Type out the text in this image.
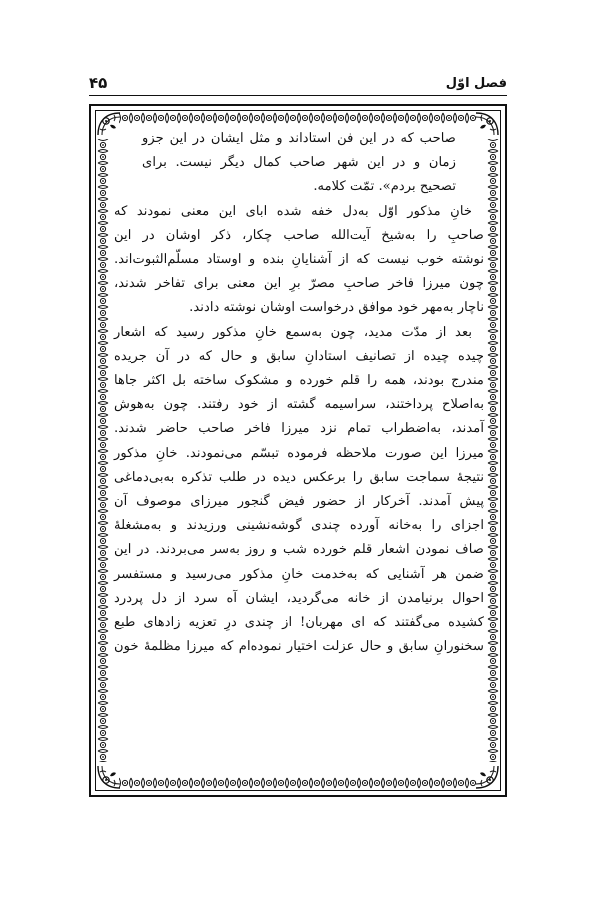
فصل اوّل
۴۵

صاحب که در این فن استاداند و مثل ایشان در این جزو

زمان و در این شهر صاحب کمال دیگر نیست. برای

تصحیح بردم». تمّت کلامه.

خانِ مذکور اوّل به‌دل خفه شده ابای این معنی نمودند که

صاحبِ را به‌شیخ آیت‌الله صاحب چکار، ذکر اوشان در این

نوشته خوب نیست که از آشنایانِ بنده و اوستاد مسلّم‌الثبوت‌اند.

چون میرزا فاخر صاحبِ مصرّ برِ این معنی برای تفاخر شدند،

ناچار به‌مهر خود موافق درخواست اوشان نوشته دادند.

بعد از مدّت مدید، چون به‌سمع خانِ مذکور رسید که اشعار

چیده چیده از تصانیف استادانِ سابق و حال که در آن جریده

مندرج بودند، همه را قلم خورده و مشکوک ساخته بل اکثر جاها

به‌اصلاح پرداختند، سراسیمه گشته از خود رفتند. چون به‌هوش

آمدند، به‌اضطراب تمام نزد میرزا فاخر صاحب حاضر شدند.

میرزا این صورت ملاحظه فرموده تبسّم می‌نمودند. خانِ مذکور

نتیجهٔ سماجت سابق را برعکس دیده در طلب تذکره به‌بی‌دماغی

پیش آمدند. آخرکار از حضور فیض گنجور میرزای موصوف آن

اجزای را به‌خانه آورده چندی گوشه‌نشینی ورزیدند و به‌مشغلهٔ

صاف نمودن اشعار قلم خورده شب و روز به‌سر می‌بردند. در این

ضمن هر آشنایی که به‌خدمت خانِ مذکور می‌رسید و مستفسر

احوال برنیامدن از خانه می‌گردید، ایشان آه سرد از دل پردرد

کشیده می‌گفتند که ای مهربان! از چندی درِ تعزیه زادهای طبع

سخنورانِ سابق و حال عزلت اختیار نموده‌ام که میرزا مظلمهٔ خون
